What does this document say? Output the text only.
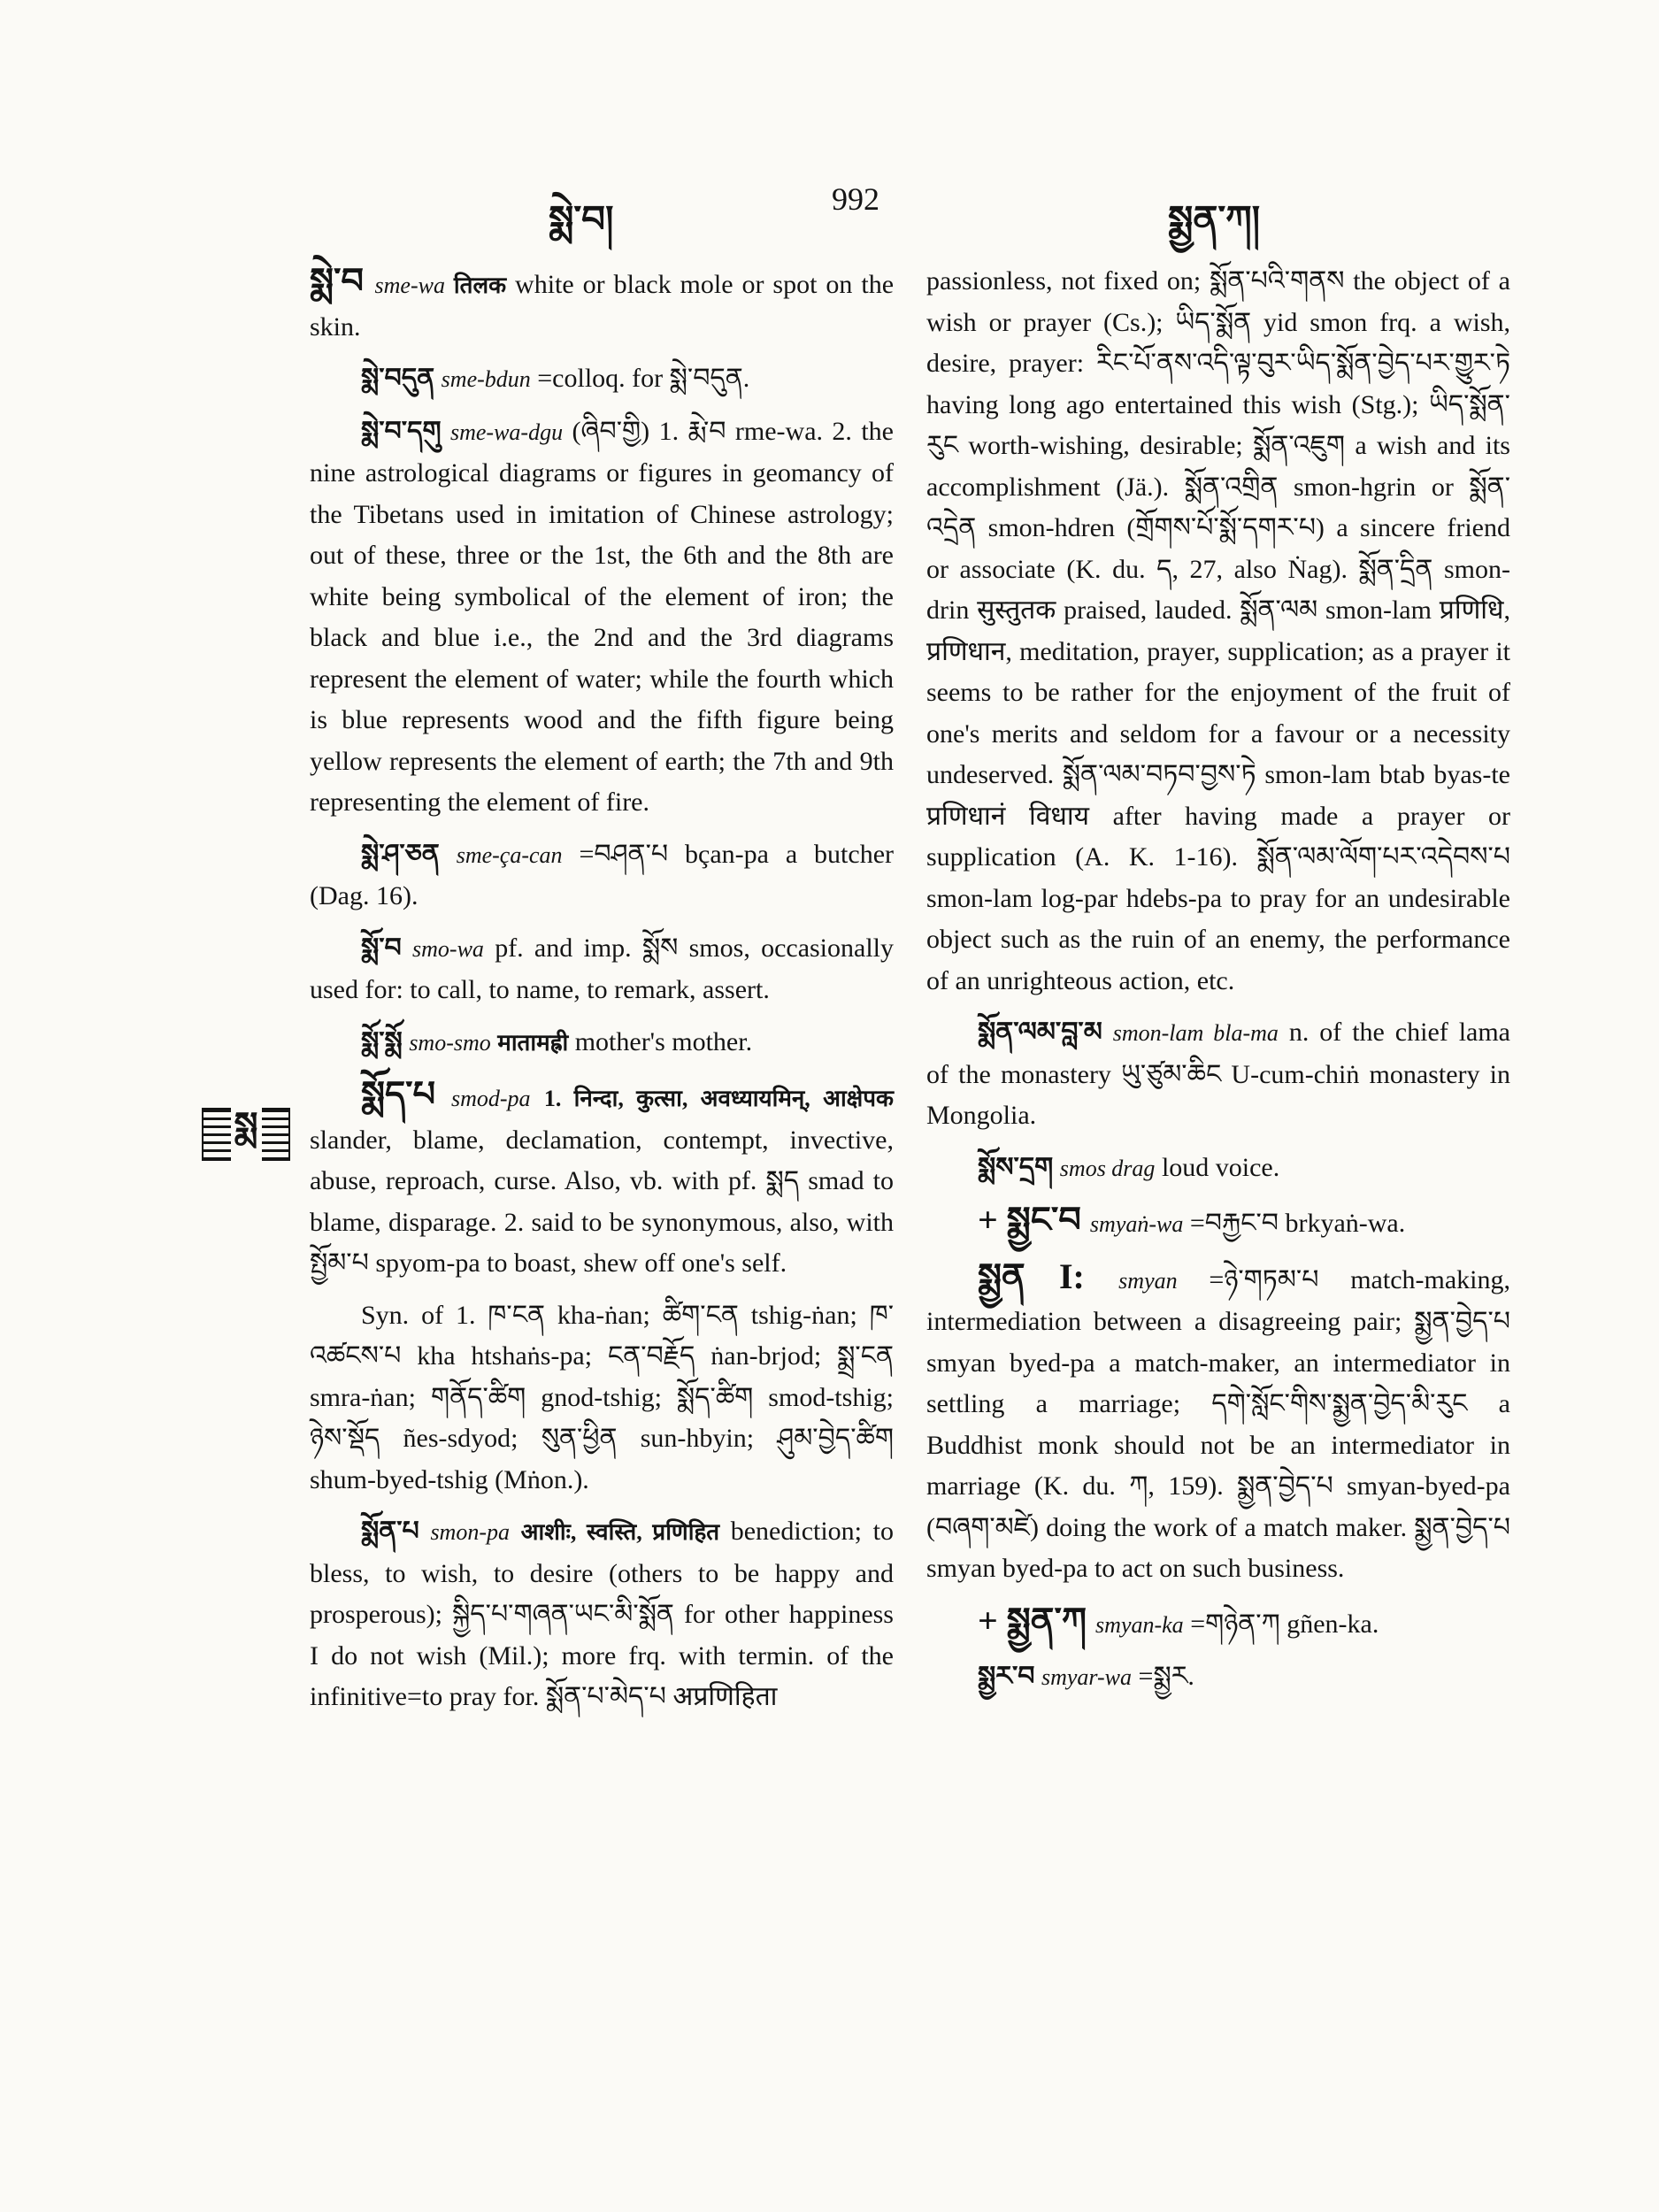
སྨེ་བ།
992
སྨྱན་ཀ།
སྨ

སྨེ་བ sme-wa तिलक white or black mole or spot on the skin.

སྨེ་བདུན sme-bdun =colloq. for སྨེ་བདུན.

སྨེ་བ་དགུ sme-wa-dgu (ཞིབ་གྱི) 1. རྨེ་བ rme-wa. 2. the nine astrological diagrams or figures in geomancy of the Tibetans used in imitation of Chinese astrology; out of these, three or the 1st, the 6th and the 8th are white being symbolical of the element of iron; the black and blue i.e., the 2nd and the 3rd diagrams represent the element of water; while the fourth which is blue represents wood and the fifth figure being yellow represents the element of earth; the 7th and 9th representing the element of fire.

སྨེ་ཤ་ཅན sme-ça-can =བཤན་པ bçan-pa a butcher (Dag. 16).

སྨོ་བ smo-wa pf. and imp. སྨོས smos, occasionally used for: to call, to name, to remark, assert.

སྨོ་སྨོ smo-smo मातामह्री mother's mother.

སྨོད་པ smod-pa 1. निन्दा, कुत्सा, अवध्यायमिन्, आक्षेपक slander, blame, declamation, contempt, invective, abuse, reproach, curse. Also, vb. with pf. སྨད smad to blame, disparage. 2. said to be synonymous, also, with སྤྱོམ་པ spyom-pa to boast, shew off one's self.

Syn. of 1. ཁ་ངན kha-ṅan; ཚིག་ངན tshig-ṅan; ཁ་འཚངས་པ kha htshaṅs-pa; ངན་བརྗོད ṅan-brjod; སྨྲ་ངན smra-ṅan; གནོད་ཚིག gnod-tshig; སྨོད་ཚིག smod-tshig; ཉེས་སྡོད ñes-sdyod; སུན་ཕྱིན sun-hbyin; ཤུམ་བྱེད་ཚིག shum-byed-tshig (Mṅon.).

སྨོན་པ smon-pa आशीः, स्वस्ति, प्रणिहित benediction; to bless, to wish, to desire (others to be happy and prosperous); སྐྱིད་པ་གཞན་ཡང་མི་སྨོན for other happiness I do not wish (Mil.); more frq. with termin. of the infinitive=to pray for. སྨོན་པ་མེད་པ अप्रणिहिता

passionless, not fixed on; སྨོན་པའི་གནས the object of a wish or prayer (Cs.); ཡིད་སྨོན yid smon frq. a wish, desire, prayer: རིང་པོ་ནས་འདི་ལྟ་བུར་ཡིད་སྨོན་བྱེད་པར་གྱུར་ཏེ having long ago entertained this wish (Stg.); ཡིད་སྨོན་རུང worth-wishing, desirable; སྨོན་འཇུག a wish and its accomplishment (Jä.). སྨོན་འགྲིན smon-hgrin or སྨོན་འདྲེན smon-hdren (གྲོགས་པོ་སྨོ་དགར་པ) a sincere friend or associate (K. du. ད, 27, also Ṅag). སྨོན་དྲིན smon-drin सुस्तुतक praised, lauded. སྨོན་ལམ smon-lam प्रणिधि, प्रणिधान, meditation, prayer, supplication; as a prayer it seems to be rather for the enjoyment of the fruit of one's merits and seldom for a favour or a necessity undeserved. སྨོན་ལམ་བཏབ་བྱས་ཏེ smon-lam btab byas-te प्रणिधानं विधाय after having made a prayer or supplication (A. K. 1-16). སྨོན་ལམ་ལོག་པར་འདེབས་པ smon-lam log-par hdebs-pa to pray for an undesirable object such as the ruin of an enemy, the performance of an unrighteous action, etc.

སྨོན་ལམ་བླ་མ smon-lam bla-ma n. of the chief lama of the monastery ཡུ་ཙུམ་ཆིང U-cum-chiṅ monastery in Mongolia.

སྨོས་དྲག smos drag loud voice.

+ སྨྱང་བ smyaṅ-wa =བརྐྱང་བ brkyaṅ-wa.

སྨྱན I: smyan =ཉེ་གཏམ་པ match-making, intermediation between a disagreeing pair; སྨྱན་བྱེད་པ smyan byed-pa a match-maker, an intermediator in settling a marriage; དགེ་སློང་གིས་སྨྱན་བྱེད་མི་རུང a Buddhist monk should not be an intermediator in marriage (K. du. ཀ, 159). སྨྱན་བྱེད་པ smyan-byed-pa (བཞག་མཛེ) doing the work of a match maker. སྨྱན་བྱེད་པ smyan byed-pa to act on such business.

+ སྨྱན་ཀ smyan-ka =གཉེན་ཀ gñen-ka.

སྨྱར་བ smyar-wa =སྨྱར.
